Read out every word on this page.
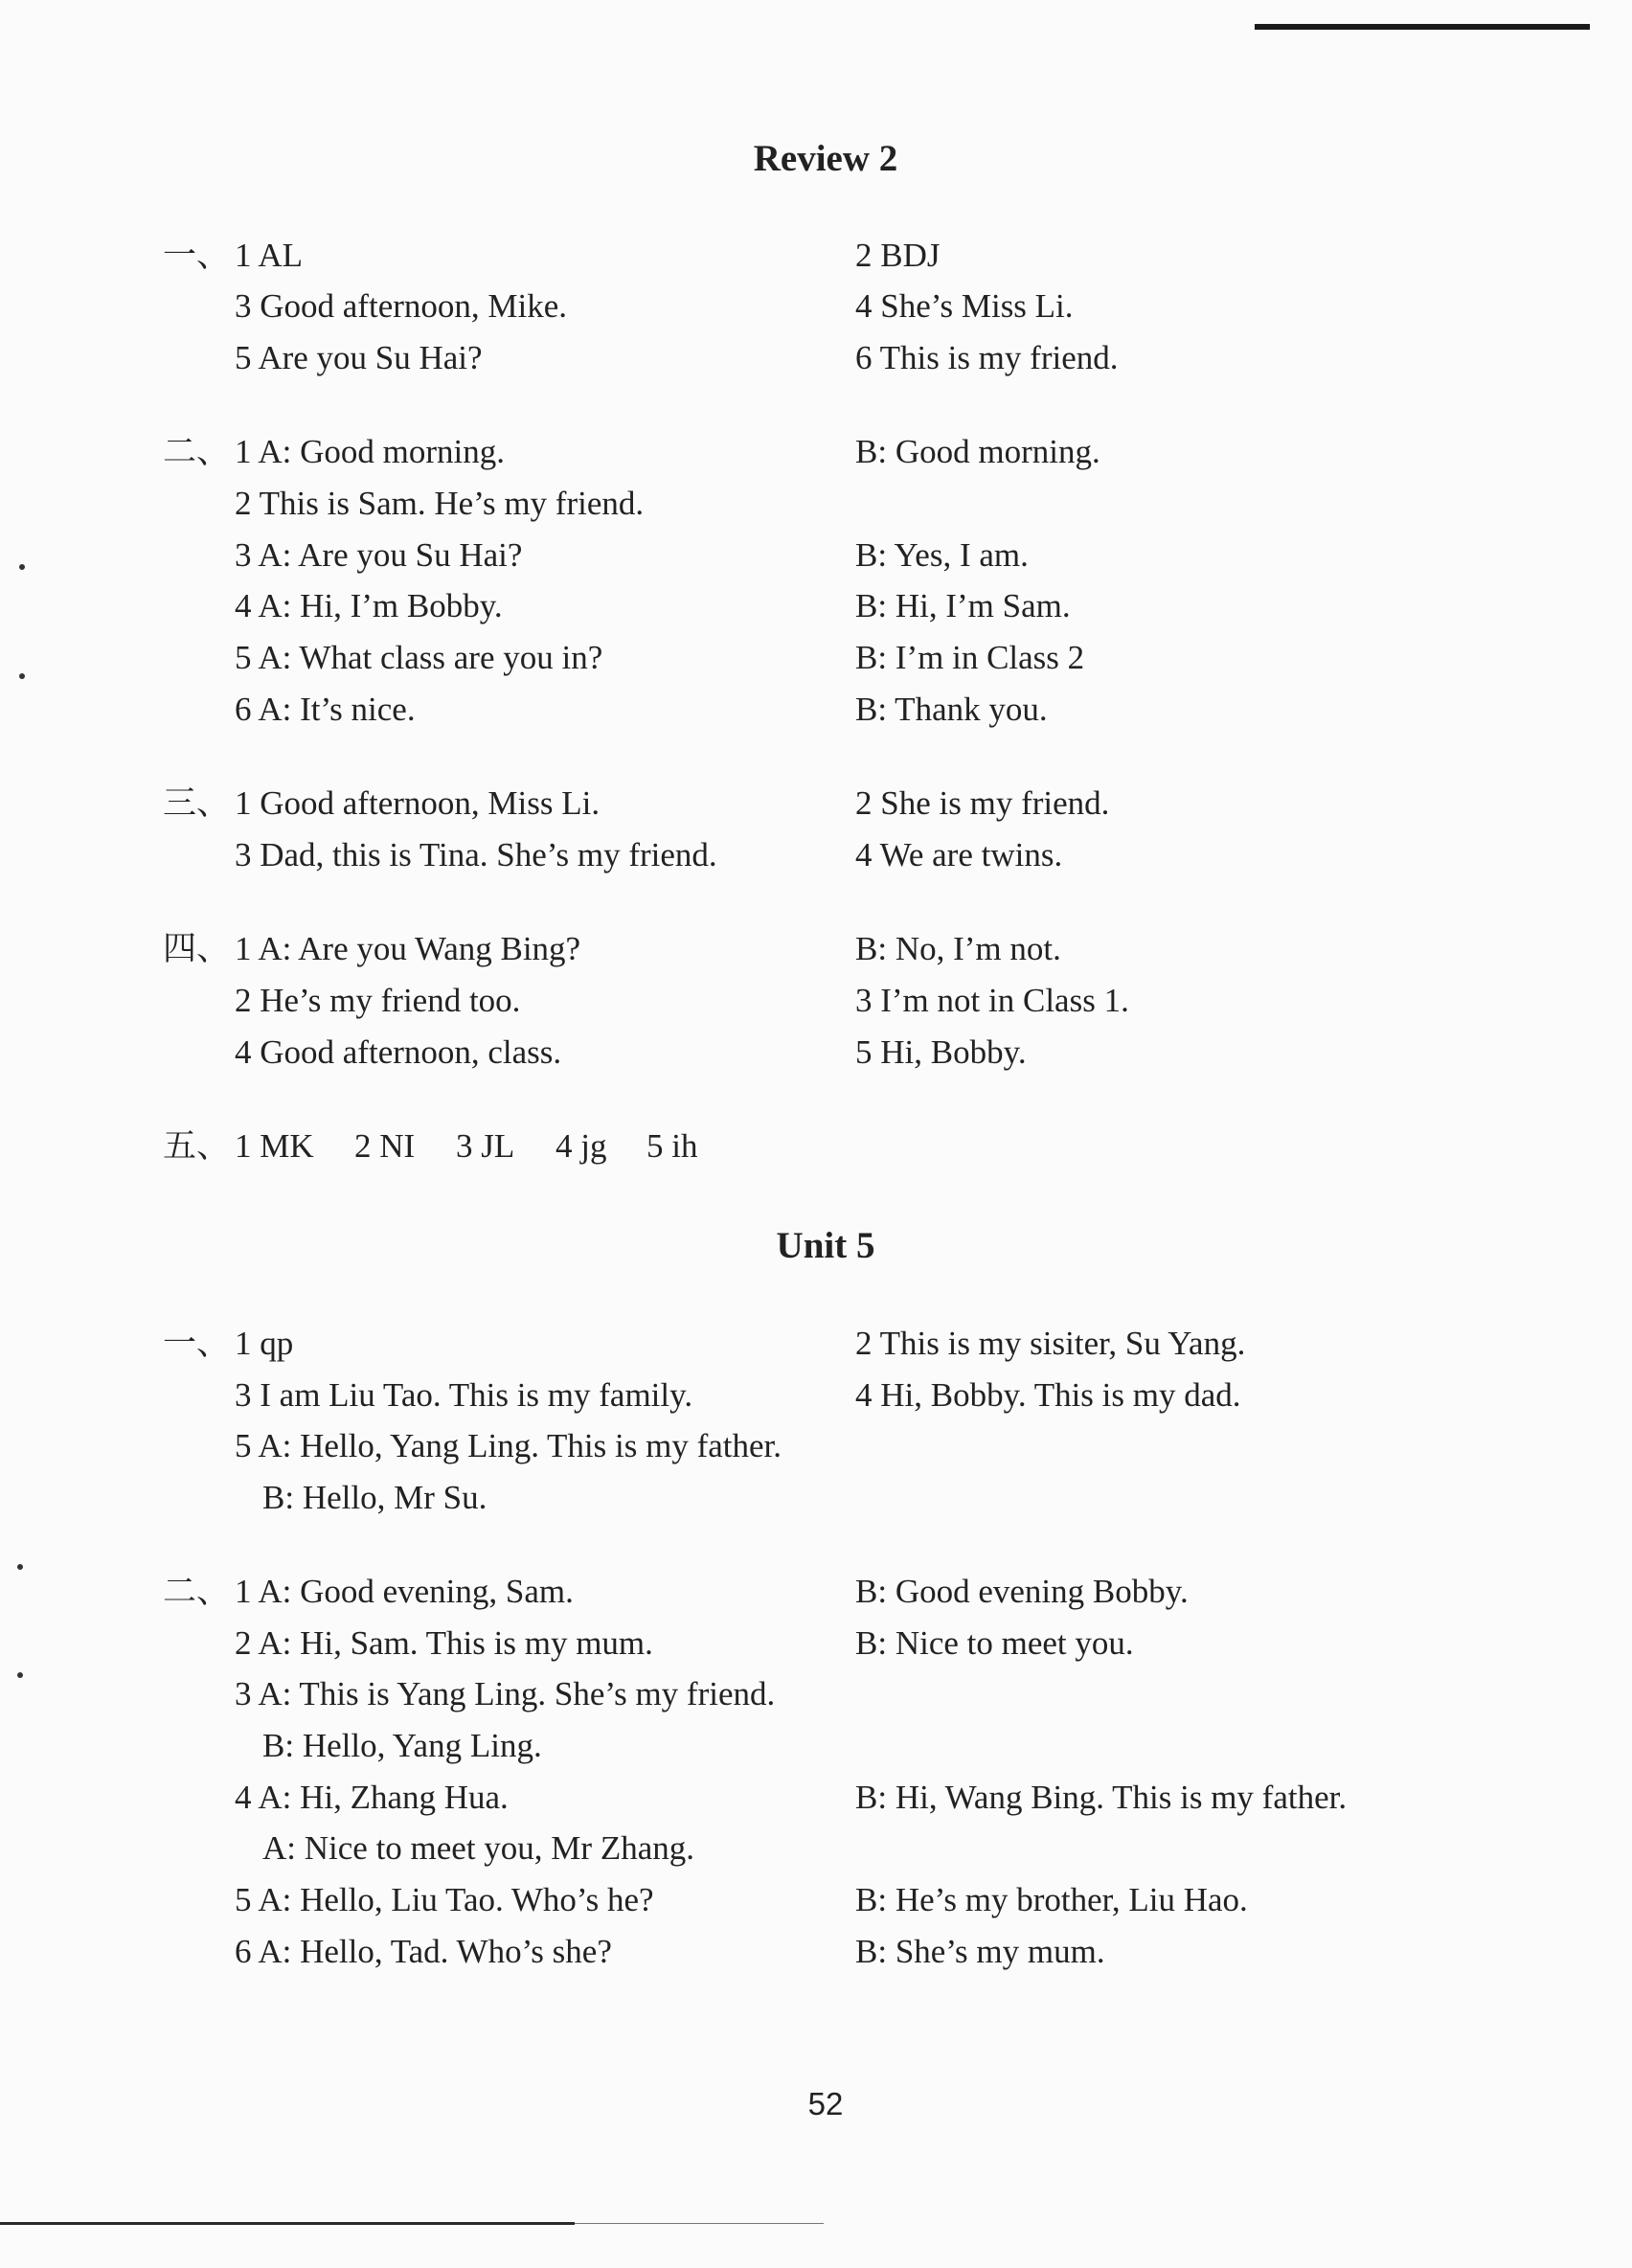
Review 2
一、 1 AL	2 BDJ
3 Good afternoon, Mike.	4 She’s Miss Li.
5 Are you Su Hai?	6 This is my friend.
二、 1 A: Good morning.	B: Good morning.
2 This is Sam. He’s my friend.
3 A: Are you Su Hai?	B: Yes, I am.
4 A: Hi, I’m Bobby.	B: Hi, I’m Sam.
5 A: What class are you in?	B: I’m in Class 2
6 A: It’s nice.	B: Thank you.
三、 1 Good afternoon, Miss Li.	2 She is my friend.
3 Dad, this is Tina. She’s my friend.	4 We are twins.
四、 1 A: Are you Wang Bing?	B: No, I’m not.
2 He’s my friend too.	3 I’m not in Class 1.
4 Good afternoon, class.	5 Hi, Bobby.
五、 1 MK 2 NI 3 JL 4 jg 5 ih
Unit 5
一、 1 qp	2 This is my sisiter, Su Yang.
3 I am Liu Tao. This is my family.	4 Hi, Bobby. This is my dad.
5 A: Hello, Yang Ling. This is my father.
B: Hello, Mr Su.
二、 1 A: Good evening, Sam.	B: Good evening Bobby.
2 A: Hi, Sam. This is my mum.	B: Nice to meet you.
3 A: This is Yang Ling. She’s my friend.
B: Hello, Yang Ling.
4 A: Hi, Zhang Hua.	B: Hi, Wang Bing. This is my father.
A: Nice to meet you, Mr Zhang.
5 A: Hello, Liu Tao. Who’s he?	B: He’s my brother, Liu Hao.
6 A: Hello, Tad. Who’s she?	B: She’s my mum.
52
